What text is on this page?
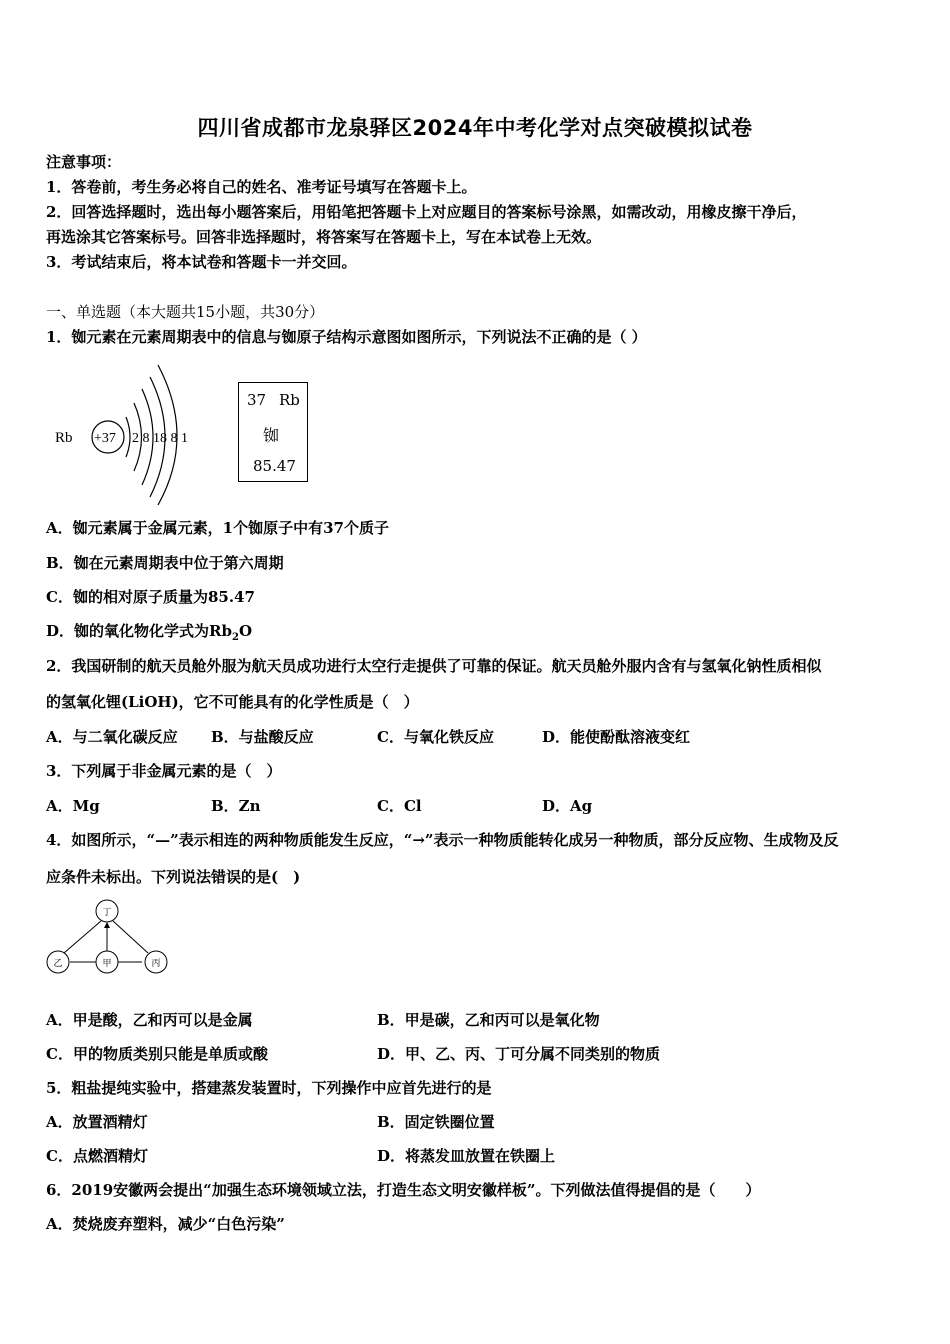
四川省成都市龙泉驿区2024年中考化学对点突破模拟试卷
注意事项：
1．答卷前，考生务必将自己的姓名、准考证号填写在答题卡上。
2．回答选择题时，选出每小题答案后，用铅笔把答题卡上对应题目的答案标号涂黑，如需改动，用橡皮擦干净后，
再选涂其它答案标号。回答非选择题时，将答案写在答题卡上，写在本试卷上无效。
3．考试结束后，将本试卷和答题卡一并交回。
一、单选题（本大题共15小题，共30分）
1．铷元素在元素周期表中的信息与铷原子结构示意图如图所示，下列说法不正确的是（ ）
Rb +37 2 8 18 8 1
37 Rb
铷
85.47
A．铷元素属于金属元素，1个铷原子中有37个质子
B．铷在元素周期表中位于第六周期
C．铷的相对原子质量为85.47
D．铷的氧化物化学式为$Rb_2O$
2．我国研制的航天员舱外服为航天员成功进行太空行走提供了可靠的保证。航天员舱外服内含有与氢氧化钠性质相似
的氢氧化锂(LiOH)，它不可能具有的化学性质是（　）
A．与二氧化碳反应 B．与盐酸反应	C．与氧化铁反应	D．能使酚酞溶液变红
3．下列属于非金属元素的是（　）
A．Mg	B．Zn	C．Cl	D．Ag
4．如图所示，“—”表示相连的两种物质能发生反应，“→”表示一种物质能转化成另一种物质，部分反应物、生成物及反
应条件未标出。下列说法错误的是(　)
丁
乙	甲	丙
A．甲是酸，乙和丙可以是金属	B．甲是碳，乙和丙可以是氧化物
C．甲的物质类别只能是单质或酸	D．甲、乙、丙、丁可分属不同类别的物质
5．粗盐提纯实验中，搭建蒸发装置时，下列操作中应首先进行的是
A．放置酒精灯	B．固定铁圈位置
C．点燃酒精灯	D．将蒸发皿放置在铁圈上
6．2019安徽两会提出“加强生态环境领域立法，打造生态文明安徽样板”。下列做法值得提倡的是（　　）
A．焚烧废弃塑料，减少“白色污染”
